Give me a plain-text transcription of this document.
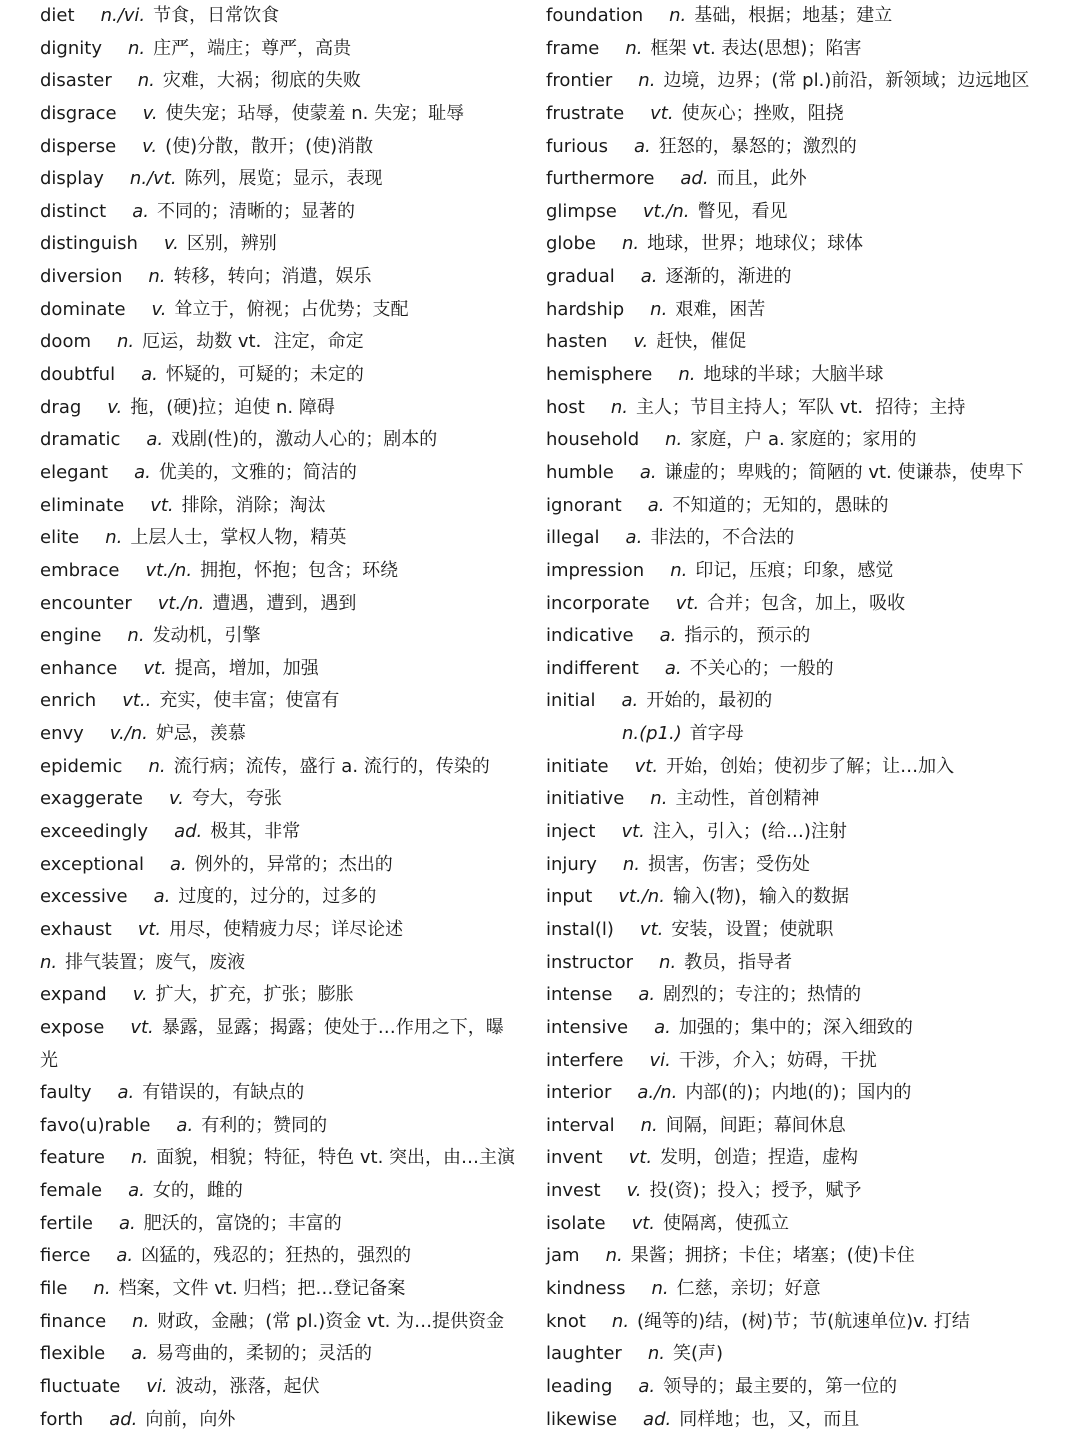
diet n./vi. 节食，日常饮食
dignity n. 庄严，端庄；尊严，高贵
disaster n. 灾难，大祸；彻底的失败
disgrace v. 使失宠；玷辱，使蒙羞 n. 失宠；耻辱
disperse v. (使)分散，散开；(使)消散
display n./vt. 陈列，展览；显示，表现
distinct a. 不同的；清晰的；显著的
distinguish v. 区别，辨别
diversion n. 转移，转向；消遣，娱乐
dominate v. 耸立于，俯视；占优势；支配
doom n. 厄运，劫数 vt．注定，命定
doubtful a. 怀疑的，可疑的；未定的
drag v. 拖，(硬)拉；迫使 n. 障碍
dramatic a. 戏剧(性)的，激动人心的；剧本的
elegant a. 优美的，文雅的；简洁的
eliminate vt. 排除，消除；淘汰
elite n. 上层人士，掌权人物，精英
embrace vt./n. 拥抱，怀抱；包含；环绕
encounter vt./n. 遭遇，遭到，遇到
engine n. 发动机，引擎
enhance vt. 提高，增加，加强
enrich vt.. 充实，使丰富；使富有
envy v./n. 妒忌，羡慕
epidemic n. 流行病；流传，盛行 a. 流行的，传染的
exaggerate v. 夸大，夸张
exceedingly ad. 极其，非常
exceptional a. 例外的，异常的；杰出的
excessive a. 过度的，过分的，过多的
exhaust vt. 用尽，使精疲力尽；详尽论述
n. 排气装置；废气，废液
expand v. 扩大，扩充，扩张；膨胀
expose vt. 暴露，显露；揭露；使处于…作用之下，曝
光
faulty a. 有错误的，有缺点的
favo(u)rable a. 有利的；赞同的
feature n. 面貌，相貌；特征，特色 vt. 突出，由…主演
female a. 女的，雌的
fertile a. 肥沃的，富饶的；丰富的
fierce a. 凶猛的，残忍的；狂热的，强烈的
file n. 档案，文件 vt. 归档；把…登记备案
finance n. 财政，金融；(常 pl.)资金 vt. 为…提供资金
flexible a. 易弯曲的，柔韧的；灵活的
fluctuate vi. 波动，涨落，起伏
forth ad. 向前，向外
foundation n. 基础，根据；地基；建立
frame n. 框架 vt. 表达(思想)；陷害
frontier n. 边境，边界；(常 pl.)前沿，新领域；边远地区
frustrate vt. 使灰心；挫败，阻挠
furious a. 狂怒的，暴怒的；激烈的
furthermore ad. 而且，此外
glimpse vt./n. 瞥见，看见
globe n. 地球，世界；地球仪；球体
gradual a. 逐渐的，渐进的
hardship n. 艰难，困苦
hasten v. 赶快，催促
hemisphere n. 地球的半球；大脑半球
host n. 主人；节目主持人；军队 vt．招待；主持
household n. 家庭，户 a. 家庭的；家用的
humble a. 谦虚的；卑贱的；简陋的 vt. 使谦恭，使卑下
ignorant a. 不知道的；无知的，愚昧的
illegal a. 非法的，不合法的
impression n. 印记，压痕；印象，感觉
incorporate vt. 合并；包含，加上，吸收
indicative a. 指示的，预示的
indifferent a. 不关心的；一般的
initial a. 开始的，最初的
n.(p1.) 首字母
initiate vt. 开始，创始；使初步了解；让…加入
initiative n. 主动性，首创精神
inject vt. 注入，引入；(给…)注射
injury n. 损害，伤害；受伤处
input vt./n. 输入(物)，输入的数据
instal(l) vt. 安装，设置；使就职
instructor n. 教员，指导者
intense a. 剧烈的；专注的；热情的
intensive a. 加强的；集中的；深入细致的
interfere vi. 干涉，介入；妨碍，干扰
interior a./n. 内部(的)；内地(的)；国内的
interval n. 间隔，间距；幕间休息
invent vt. 发明，创造；捏造，虚构
invest v. 投(资)；投入；授予，赋予
isolate vt. 使隔离，使孤立
jam n. 果酱；拥挤；卡住；堵塞；(使)卡住
kindness n. 仁慈，亲切；好意
knot n. (绳等的)结，(树)节；节(航速单位)v. 打结
laughter n. 笑(声)
leading a. 领导的；最主要的，第一位的
likewise ad. 同样地；也，又，而且
